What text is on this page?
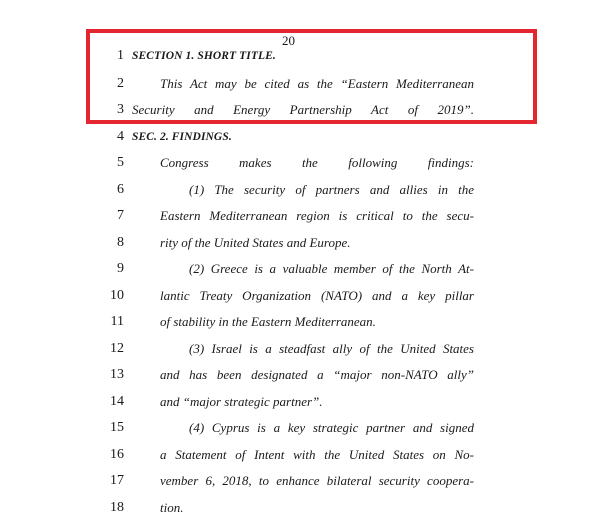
20
1 SECTION 1. SHORT TITLE.
2	This Act may be cited as the “Eastern Mediterranean
3 Security and Energy Partnership Act of 2019”.
4 SEC. 2. FINDINGS.
5	Congress makes the following findings:
6	(1) The security of partners and allies in the
7	Eastern Mediterranean region is critical to the secu-
8	rity of the United States and Europe.
9	(2) Greece is a valuable member of the North At-
10	lantic Treaty Organization (NATO) and a key pillar
11	of stability in the Eastern Mediterranean.
12	(3) Israel is a steadfast ally of the United States
13	and has been designated a “major non-NATO ally”
14	and “major strategic partner”.
15	(4) Cyprus is a key strategic partner and signed
16	a Statement of Intent with the United States on No-
17	vember 6, 2018, to enhance bilateral security coopera-
18	tion.
